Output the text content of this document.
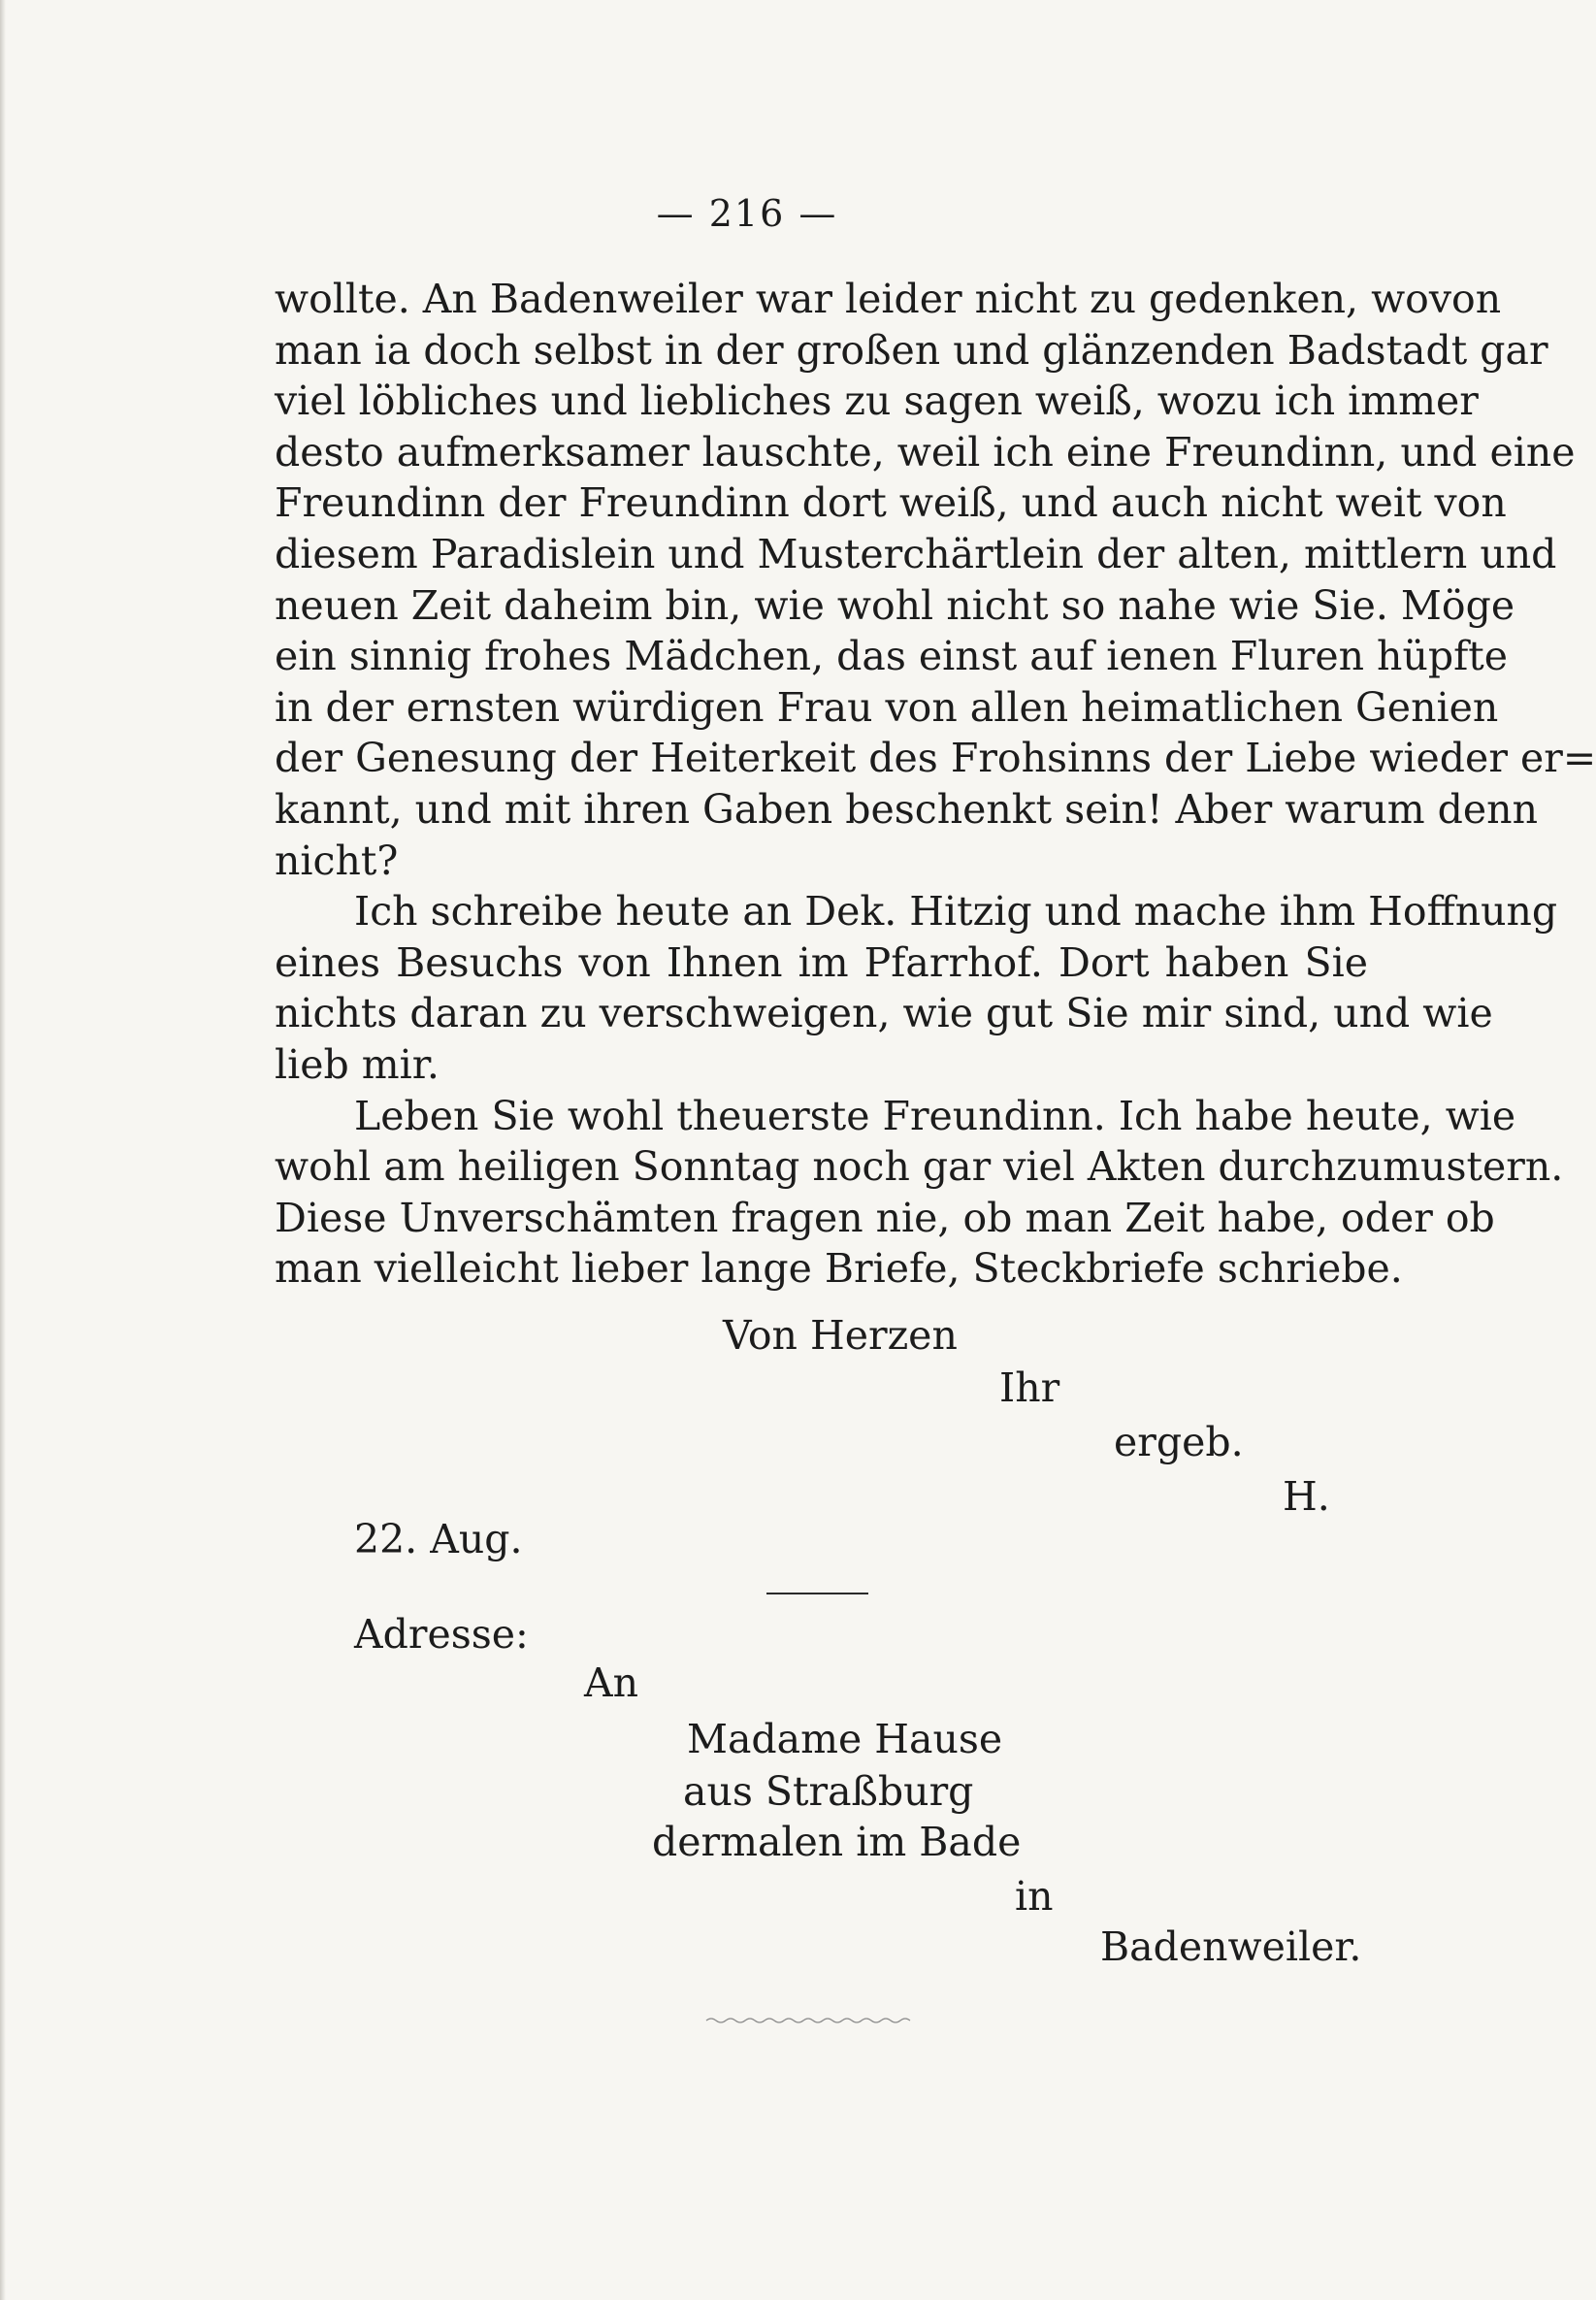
— 216 —
wollte. An Badenweiler war leider nicht zu gedenken, wovon
man ia doch selbst in der großen und glänzenden Badstadt gar
viel löbliches und liebliches zu sagen weiß, wozu ich immer
desto aufmerksamer lauschte, weil ich eine Freundinn, und eine
Freundinn der Freundinn dort weiß, und auch nicht weit von
diesem Paradislein und Musterchärtlein der alten, mittlern und
neuen Zeit daheim bin, wie wohl nicht so nahe wie Sie. Möge
ein sinnig frohes Mädchen, das einst auf ienen Fluren hüpfte
in der ernsten würdigen Frau von allen heimatlichen Genien
der Genesung der Heiterkeit des Frohsinns der Liebe wieder er=
kannt, und mit ihren Gaben beschenkt sein! Aber warum denn
nicht?
Ich schreibe heute an Dek. Hitzig und mache ihm Hoffnung
eines Besuchs von Ihnen im Pfarrhof. Dort haben Sie
nichts daran zu verschweigen, wie gut Sie mir sind, und wie
lieb mir.
Leben Sie wohl theuerste Freundinn. Ich habe heute, wie
wohl am heiligen Sonntag noch gar viel Akten durchzumustern.
Diese Unverschämten fragen nie, ob man Zeit habe, oder ob
man vielleicht lieber lange Briefe, Steckbriefe schriebe.
Von Herzen
Ihr
ergeb.
H.
22. Aug.
Adresse:
An
Madame Hause
aus Straßburg
dermalen im Bade
in
Badenweiler.
